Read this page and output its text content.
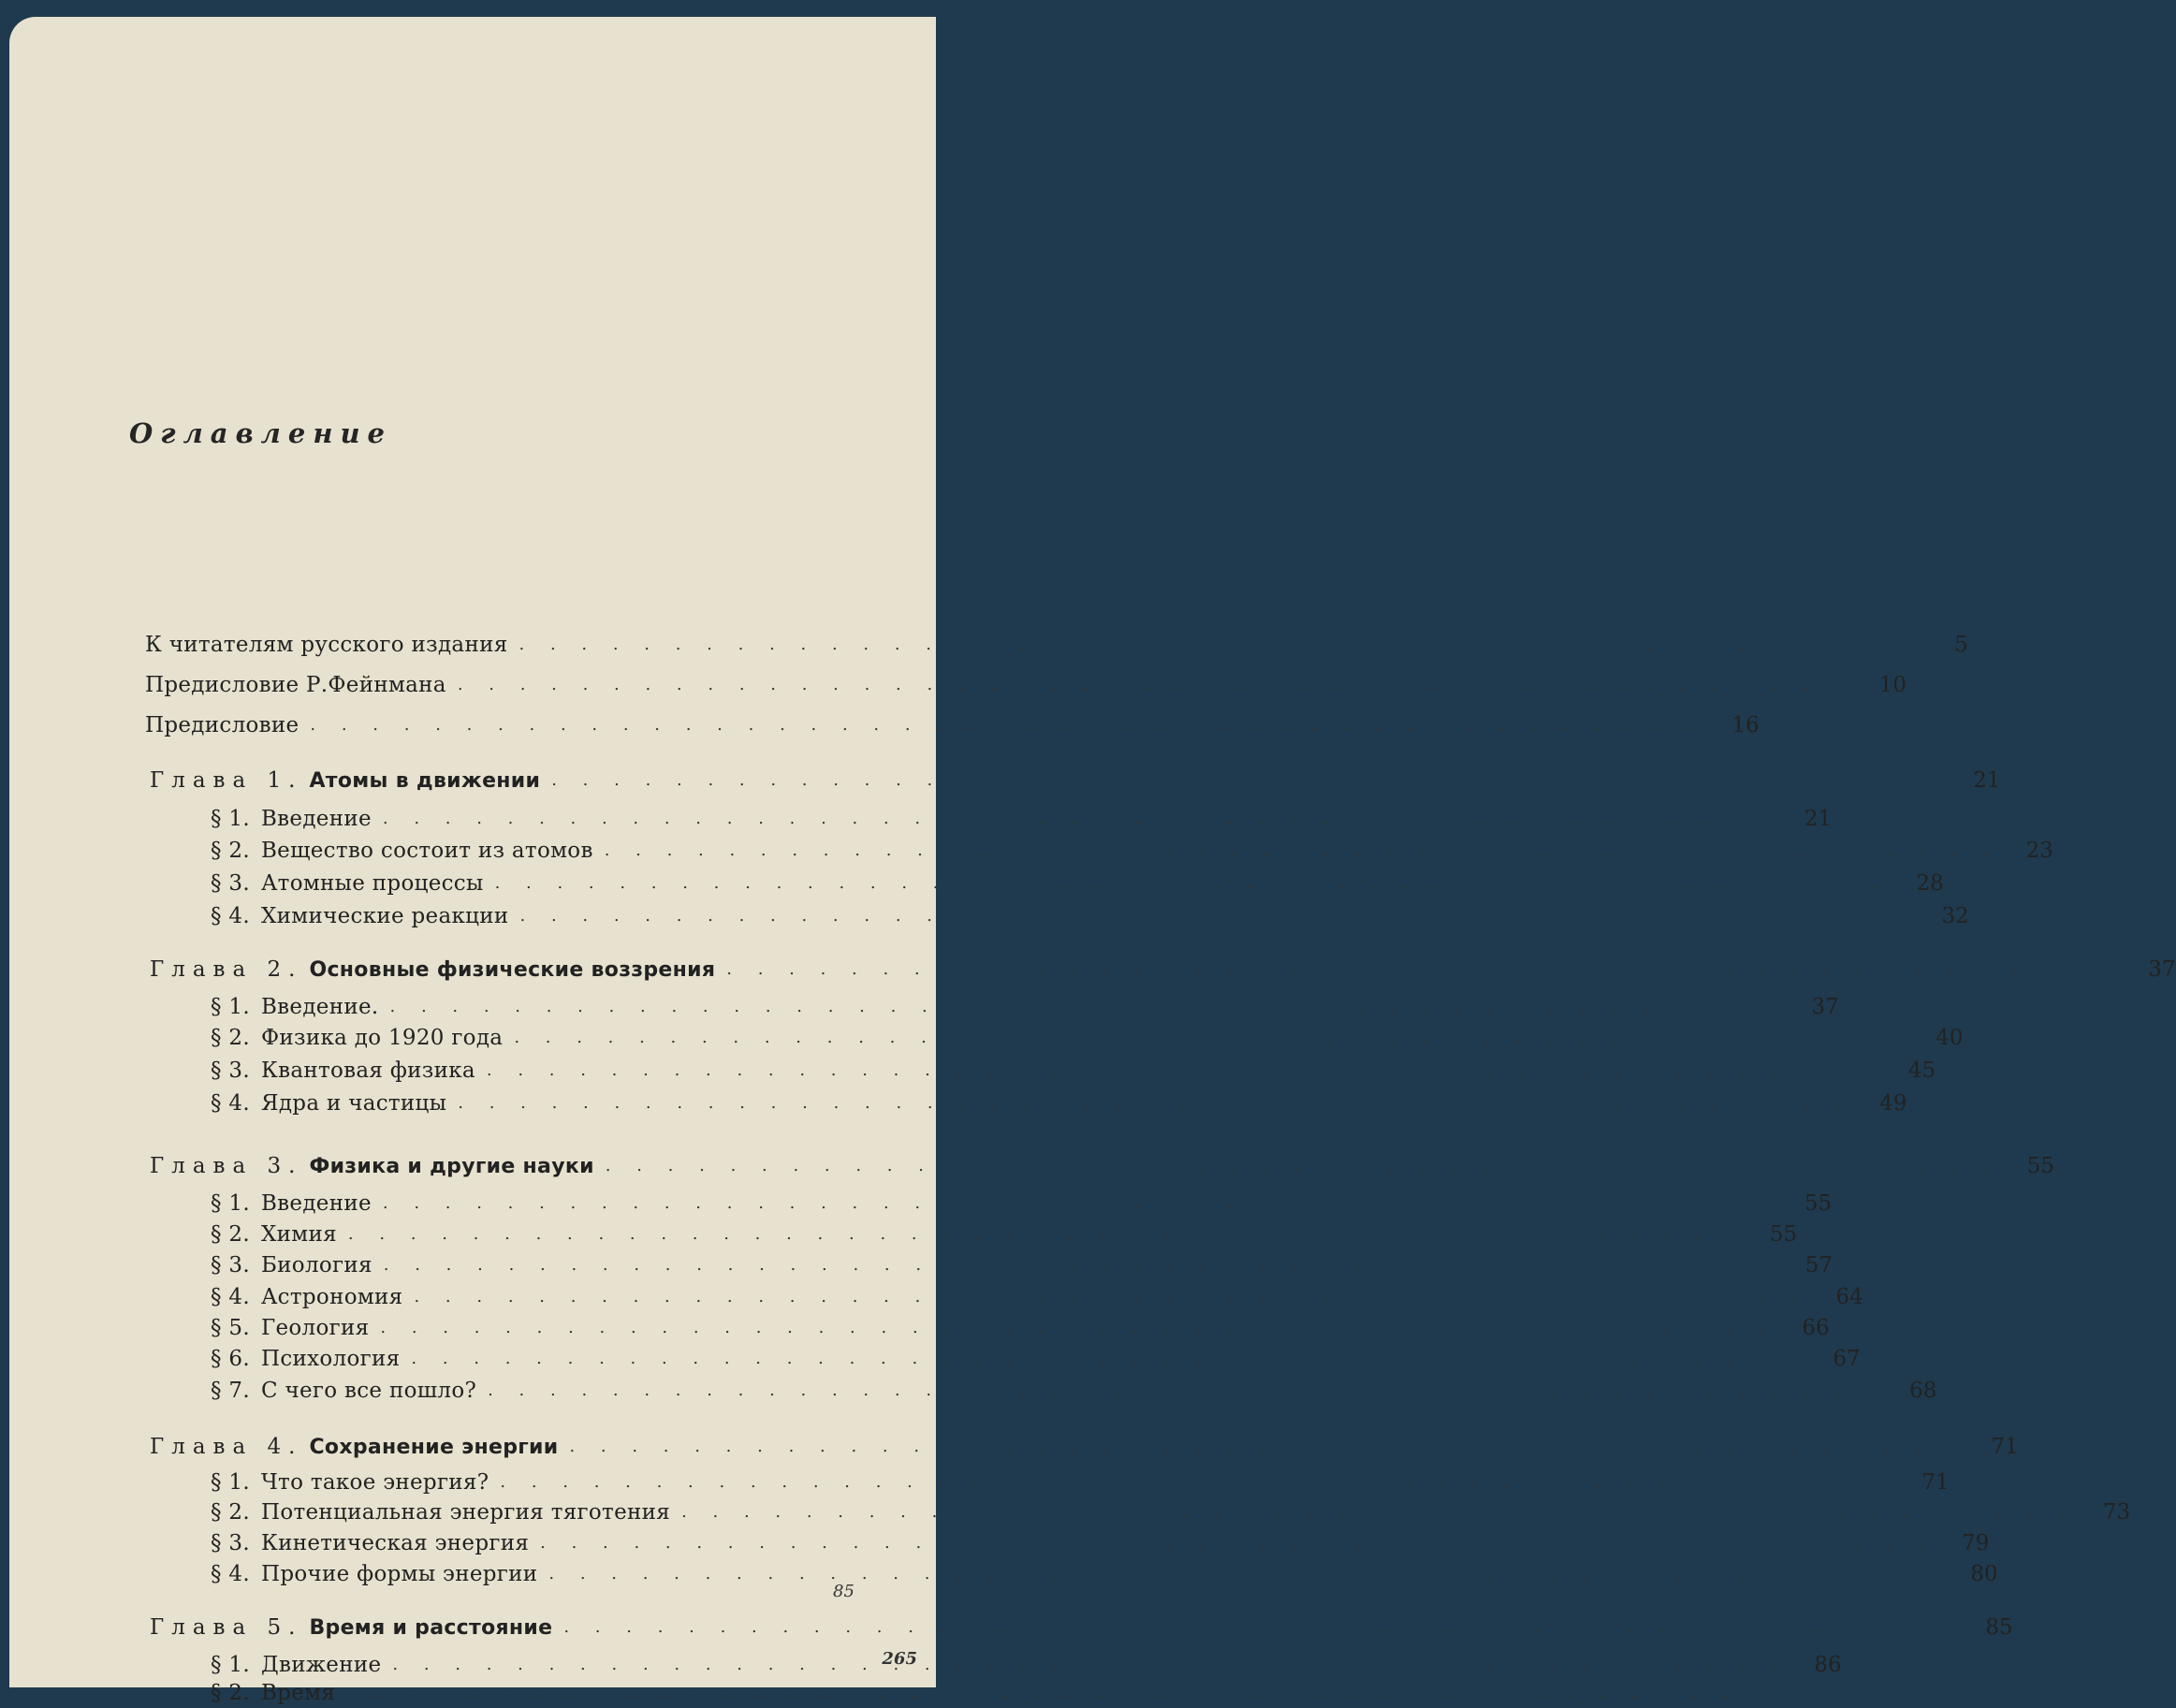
Оглавление
К читателям русского издания . . .	5
Предисловие Р.Фейнмана . . .	10
Предисловие . . .	16
Глава 1. Атомы в движении . . .	21
§ 1. Введение . . .	21
§ 2. Вещество состоит из атомов . . .	23
§ 3. Атомные процессы . . .	28
§ 4. Химические реакции . . .	32
Глава 2. Основные физические воззрения . . .	37
§ 1. Введение. . . .	37
§ 2. Физика до 1920 года . . .	40
§ 3. Квантовая физика . . .	45
§ 4. Ядра и частицы . . .	49
Глава 3. Физика и другие науки . . .	55
§ 1. Введение . . .	55
§ 2. Химия . . .	55
§ 3. Биология . . .	57
§ 4. Астрономия . . .	64
§ 5. Геология . . .	66
§ 6. Психология . . .	67
§ 7. С чего все пошло? . . .	68
Глава 4. Сохранение энергии . . .	71
§ 1. Что такое энергия? . . .	71
§ 2. Потенциальная энергия тяготения . . .	73
§ 3. Кинетическая энергия . . .	79
§ 4. Прочие формы энергии . . .	80
Глава 5. Время и расстояние . . .	85
§ 1. Движение . . .	86
§ 2. Время
. . .
85
265
